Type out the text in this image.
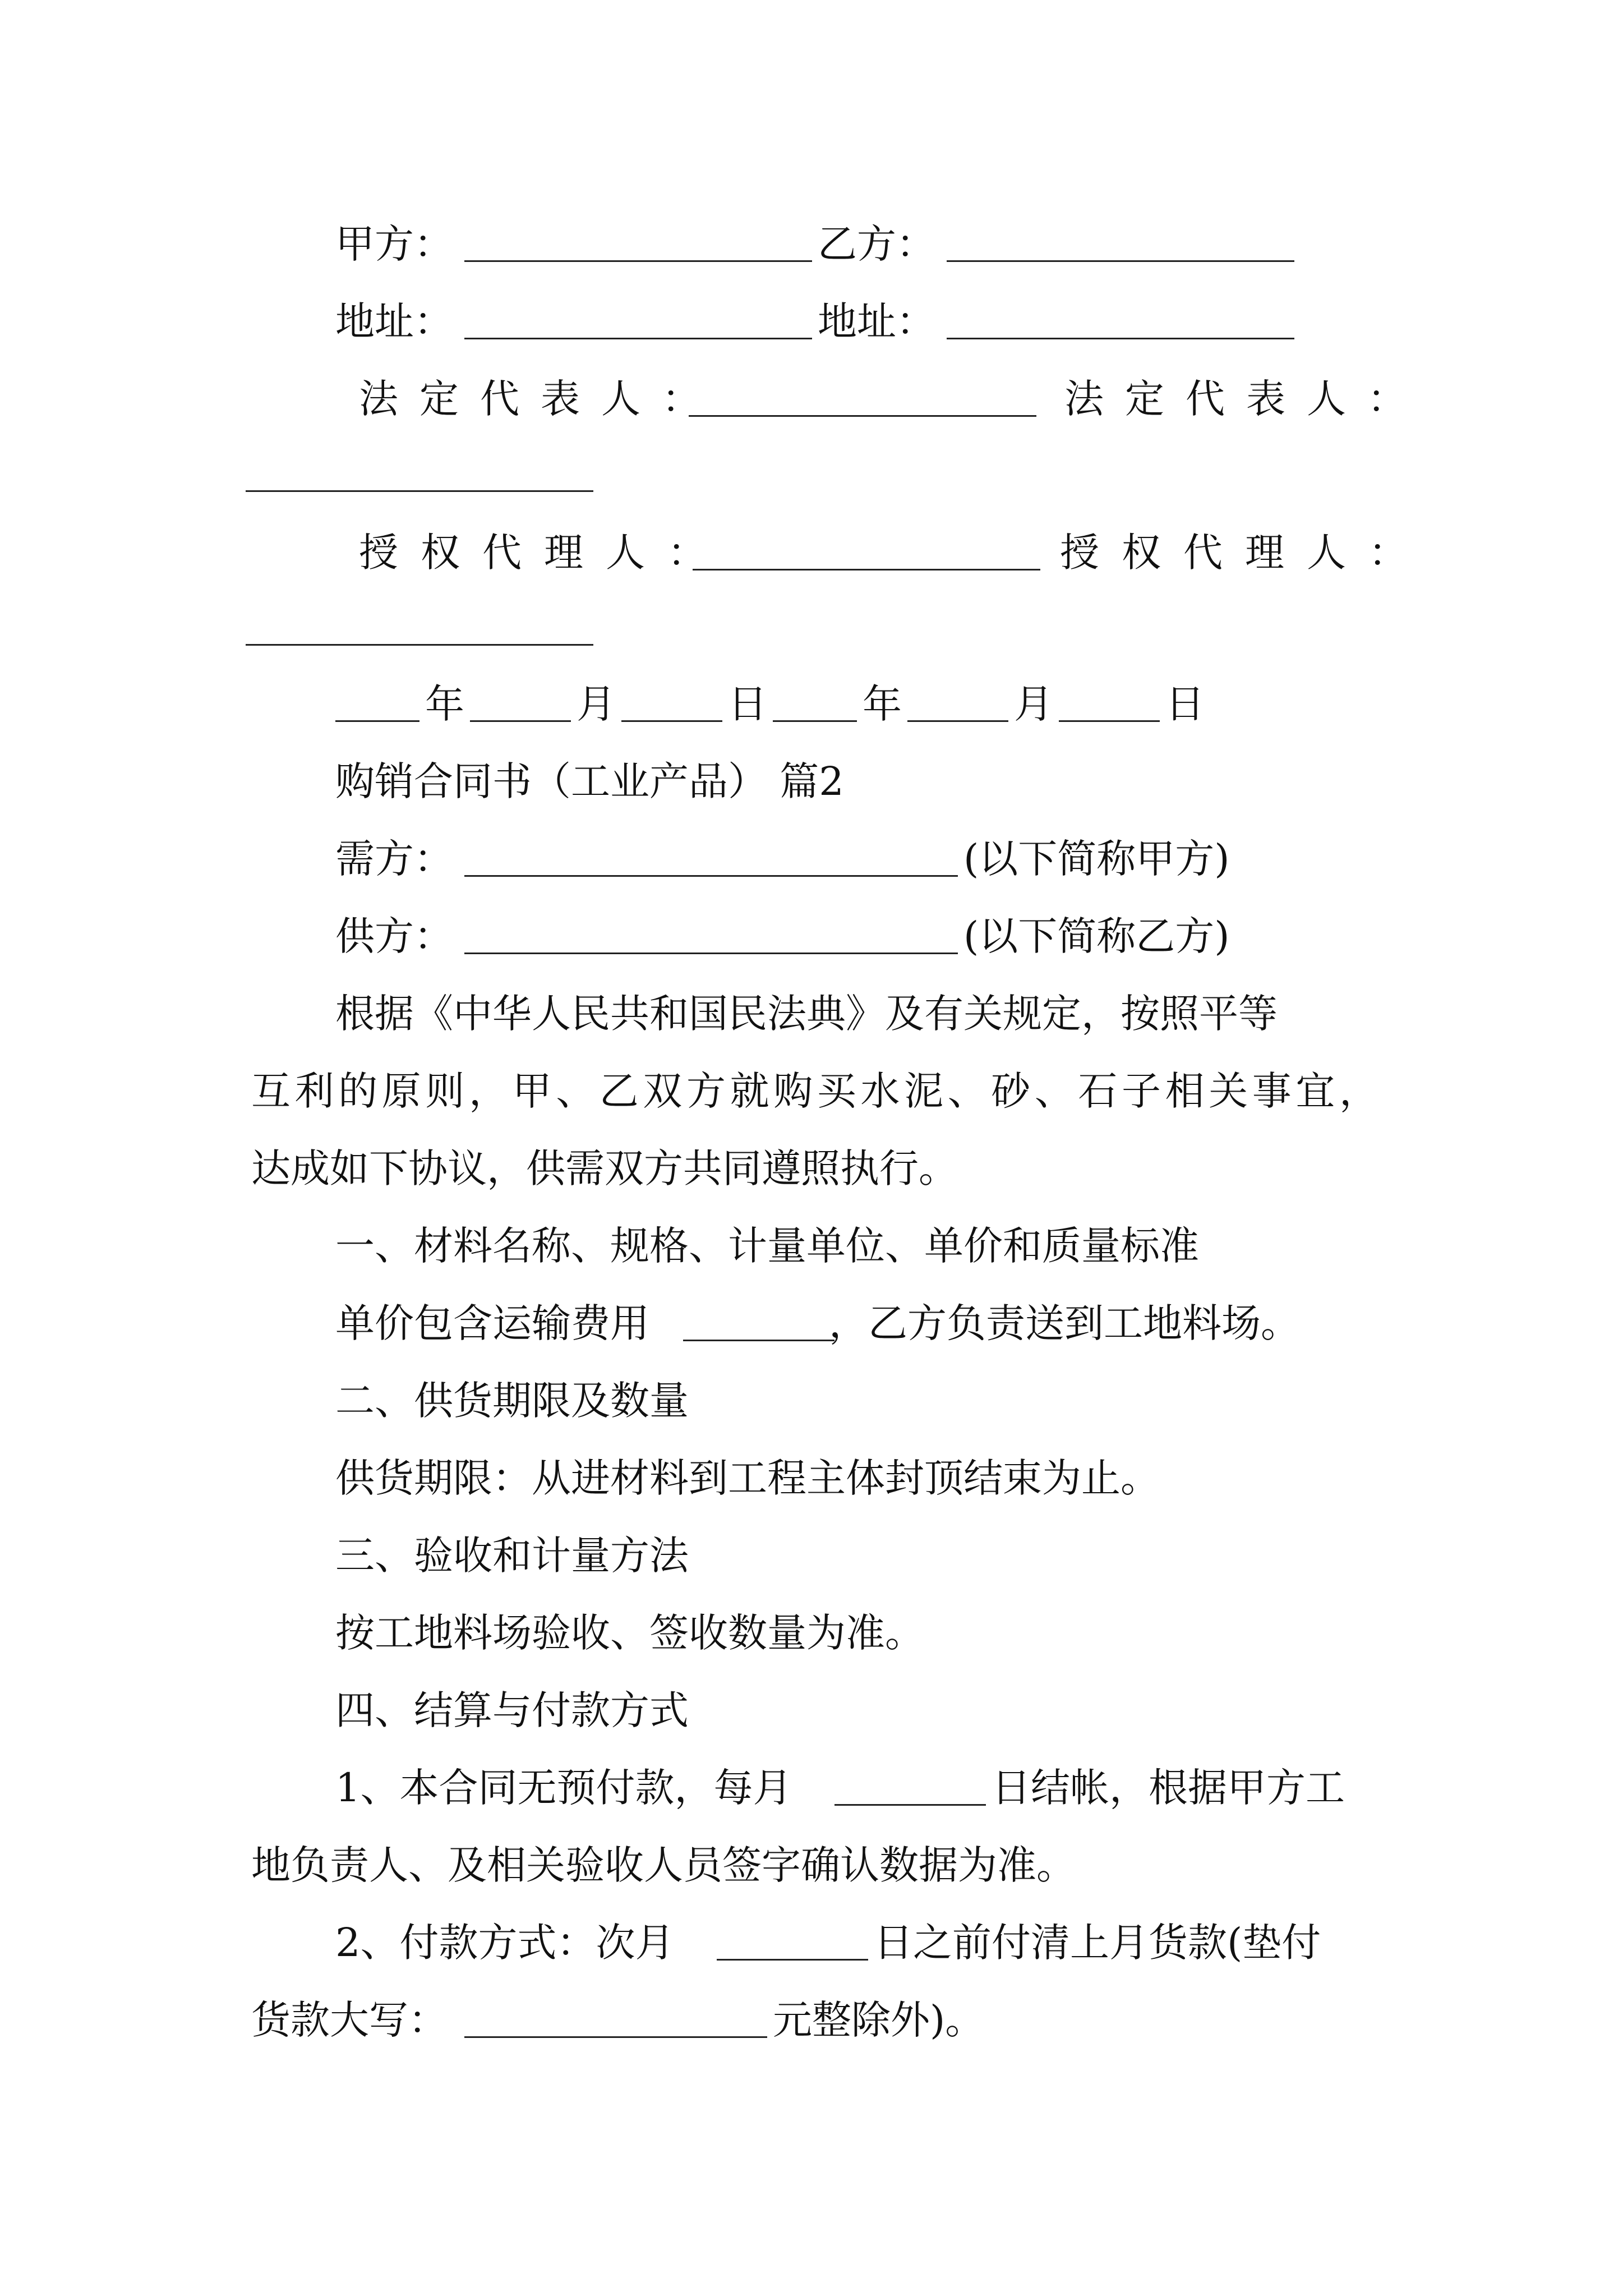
甲方：	乙方：
地址：	地址：
法定代表人：	法定代表人：
授权代理人：	授权代理人：
年	月	日 年	月	日
购销合同书（工业产品） 篇2
需方：	(以下简称甲方)
供方：	(以下简称乙方)
根据《中华人民共和国民法典》及有关规定，按照平等
互利的原则，甲、乙双方就购买水泥、砂、石子相关事宜，
达成如下协议，供需双方共同遵照执行。
一、材料名称、规格、计量单位、单价和质量标准
单价包含运输费用	，乙方负责送到工地料场。
二、供货期限及数量
供货期限：从进材料到工程主体封顶结束为止。
三、验收和计量方法
按工地料场验收、签收数量为准。
四、结算与付款方式
1、本合同无预付款，每月	日结帐，根据甲方工
地负责人、及相关验收人员签字确认数据为准。
2、付款方式：次月	日之前付清上月货款(垫付
货款大写：	元整除外)。
